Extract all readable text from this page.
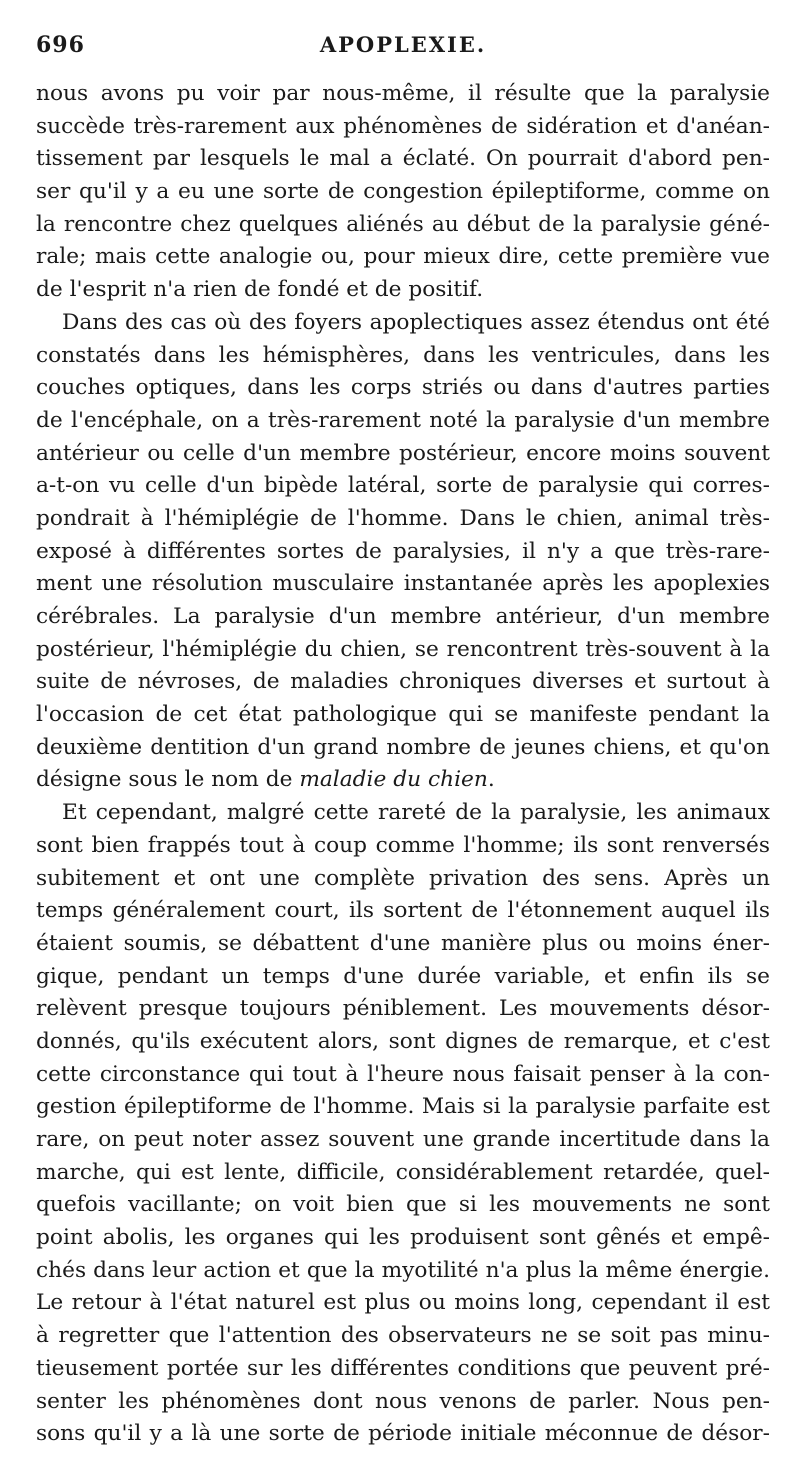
696	APOPLEXIE.
nous avons pu voir par nous-même, il résulte que la paralysie
succède très-rarement aux phénomènes de sidération et d'anéan-
tissement par lesquels le mal a éclaté. On pourrait d'abord pen-
ser qu'il y a eu une sorte de congestion épileptiforme, comme on
la rencontre chez quelques aliénés au début de la paralysie géné-
rale; mais cette analogie ou, pour mieux dire, cette première vue
de l'esprit n'a rien de fondé et de positif.
Dans des cas où des foyers apoplectiques assez étendus ont été
constatés dans les hémisphères, dans les ventricules, dans les
couches optiques, dans les corps striés ou dans d'autres parties
de l'encéphale, on a très-rarement noté la paralysie d'un membre
antérieur ou celle d'un membre postérieur, encore moins souvent
a-t-on vu celle d'un bipède latéral, sorte de paralysie qui corres-
pondrait à l'hémiplégie de l'homme. Dans le chien, animal très-
exposé à différentes sortes de paralysies, il n'y a que très-rare-
ment une résolution musculaire instantanée après les apoplexies
cérébrales. La paralysie d'un membre antérieur, d'un membre
postérieur, l'hémiplégie du chien, se rencontrent très-souvent à la
suite de névroses, de maladies chroniques diverses et surtout à
l'occasion de cet état pathologique qui se manifeste pendant la
deuxième dentition d'un grand nombre de jeunes chiens, et qu'on
désigne sous le nom de maladie du chien.
Et cependant, malgré cette rareté de la paralysie, les animaux
sont bien frappés tout à coup comme l'homme; ils sont renversés
subitement et ont une complète privation des sens. Après un
temps généralement court, ils sortent de l'étonnement auquel ils
étaient soumis, se débattent d'une manière plus ou moins éner-
gique, pendant un temps d'une durée variable, et enfin ils se
relèvent presque toujours péniblement. Les mouvements désor-
donnés, qu'ils exécutent alors, sont dignes de remarque, et c'est
cette circonstance qui tout à l'heure nous faisait penser à la con-
gestion épileptiforme de l'homme. Mais si la paralysie parfaite est
rare, on peut noter assez souvent une grande incertitude dans la
marche, qui est lente, difficile, considérablement retardée, quel-
quefois vacillante; on voit bien que si les mouvements ne sont
point abolis, les organes qui les produisent sont gênés et empê-
chés dans leur action et que la myotilité n'a plus la même énergie.
Le retour à l'état naturel est plus ou moins long, cependant il est
à regretter que l'attention des observateurs ne se soit pas minu-
tieusement portée sur les différentes conditions que peuvent pré-
senter les phénomènes dont nous venons de parler. Nous pen-
sons qu'il y a là une sorte de période initiale méconnue de désor-
